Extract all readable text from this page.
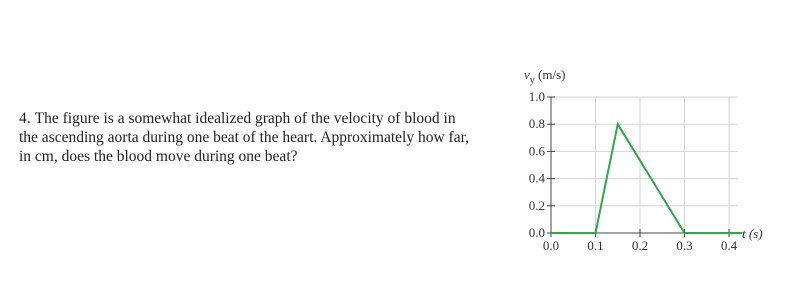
4. The figure is a somewhat idealized graph of the velocity of blood in the ascending aorta during one beat of the heart. Approximately how far, in cm, does the blood move during one beat?
1.0
0.8
0.6
0.4
0.2
0.0
0.0 0.1 0.2 0.3 0.4
$v_y$ (m/s)
t (s)
